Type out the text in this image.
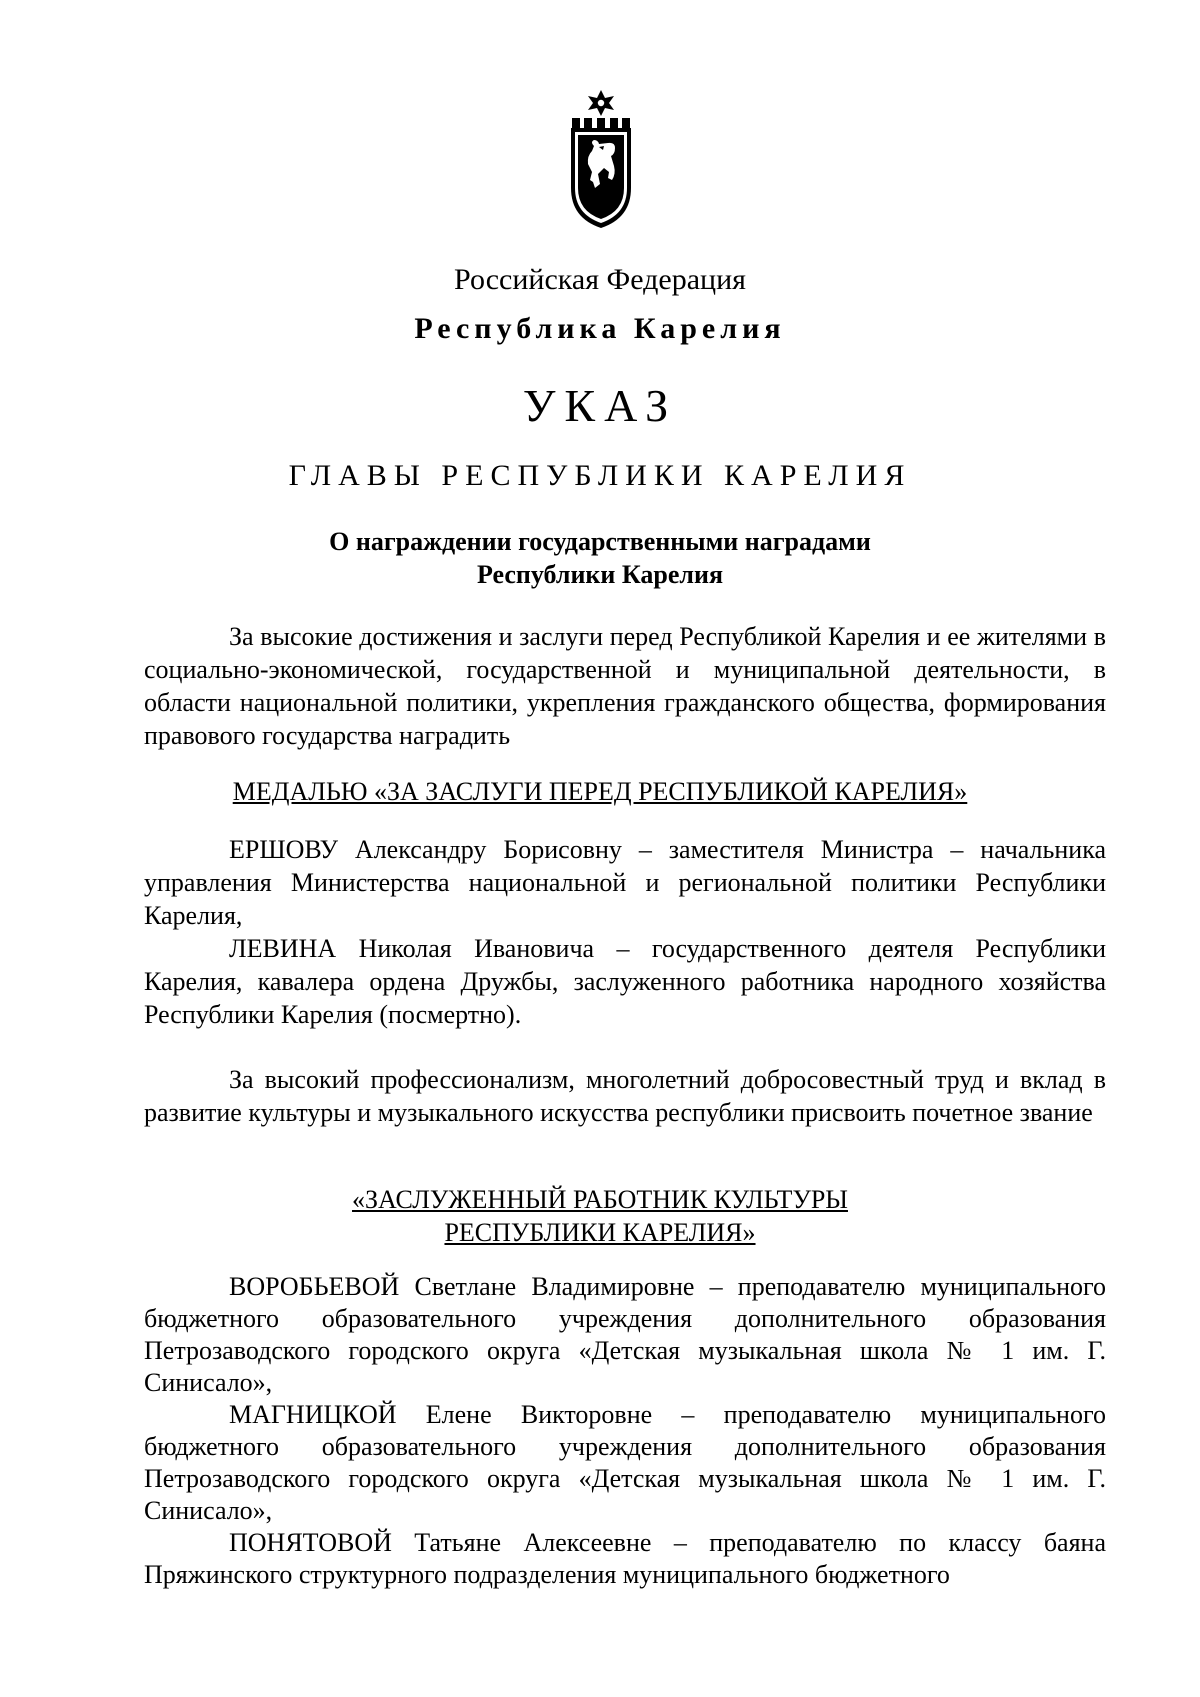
Российская Федерация
Республика Карелия
УКАЗ
ГЛАВЫ РЕСПУБЛИКИ КАРЕЛИЯ
О награждении государственными наградами
Республики Карелия
За высокие достижения и заслуги перед Республикой Карелия и ее жителями в социально-экономической, государственной и муниципальной деятельности, в области национальной политики, укрепления гражданского общества, формирования правового государства наградить
МЕДАЛЬЮ «ЗА ЗАСЛУГИ ПЕРЕД РЕСПУБЛИКОЙ КАРЕЛИЯ»
ЕРШОВУ Александру Борисовну – заместителя Министра – начальника управления Министерства национальной и региональной политики Республики Карелия,
ЛЕВИНА Николая Ивановича – государственного деятеля Республики Карелия, кавалера ордена Дружбы, заслуженного работника народного хозяйства Республики Карелия (посмертно).
За высокий профессионализм, многолетний добросовестный труд и вклад в развитие культуры и музыкального искусства республики присвоить почетное звание
«ЗАСЛУЖЕННЫЙ РАБОТНИК КУЛЬТУРЫ
РЕСПУБЛИКИ КАРЕЛИЯ»
ВОРОБЬЕВОЙ Светлане Владимировне – преподавателю муниципального бюджетного образовательного учреждения дополнительного образования Петрозаводского городского округа «Детская музыкальная школа № 1 им. Г. Синисало»,
МАГНИЦКОЙ Елене Викторовне – преподавателю муниципального бюджетного образовательного учреждения дополнительного образования Петрозаводского городского округа «Детская музыкальная школа № 1 им. Г. Синисало»,
ПОНЯТОВОЙ Татьяне Алексеевне – преподавателю по классу баяна Пряжинского структурного подразделения муниципального бюджетного
